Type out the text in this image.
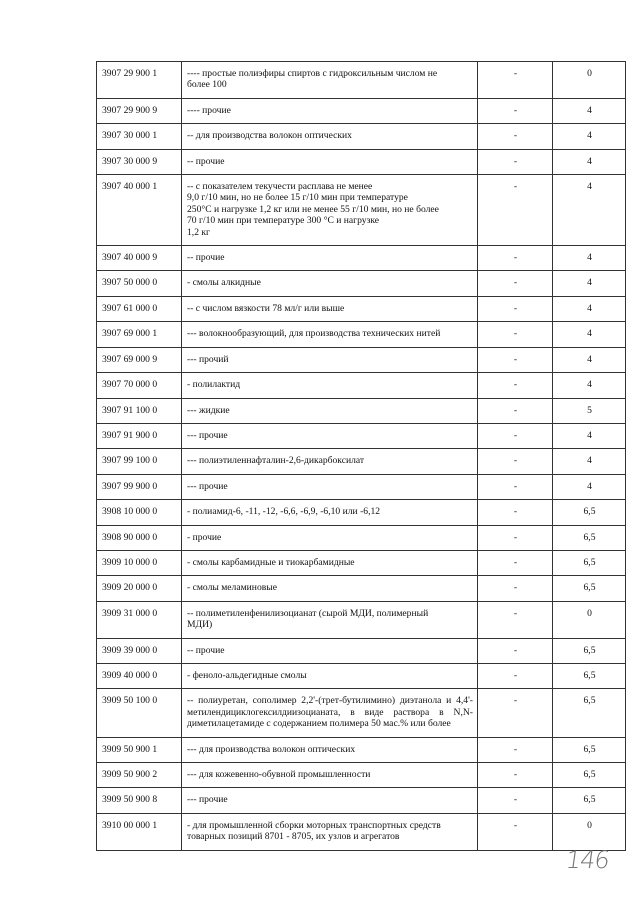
3907 29 900 1	---- простые полиэфиры спиртов с гидроксильным числом не
более 100	-	0
3907 29 900 9	---- прочие	-	4
3907 30 000 1	-- для производства волокон оптических	-	4
3907 30 000 9	-- прочие	-	4
3907 40 000 1	-- с показателем текучести расплава не менее
9,0 г/10 мин, но не более 15 г/10 мин при температуре
250°С и нагрузке 1,2 кг или не менее 55 г/10 мин, но не более
70 г/10 мин при температуре 300 °С и нагрузке
1,2 кг	-	4
3907 40 000 9	-- прочие	-	4
3907 50 000 0	- смолы алкидные	-	4
3907 61 000 0	-- с числом вязкости 78 мл/г или выше	-	4
3907 69 000 1	--- волокнообразующий, для производства технических нитей	-	4
3907 69 000 9	--- прочий	-	4
3907 70 000 0	- полилактид	-	4
3907 91 100 0	--- жидкие	-	5
3907 91 900 0	--- прочие	-	4
3907 99 100 0	--- полиэтиленнафталин-2,6-дикарбоксилат	-	4
3907 99 900 0	--- прочие	-	4
3908 10 000 0	- полиамид-6, -11, -12, -6,6, -6,9, -6,10 или -6,12	-	6,5
3908 90 000 0	- прочие	-	6,5
3909 10 000 0	- смолы карбамидные и тиокарбамидные	-	6,5
3909 20 000 0	- смолы меламиновые	-	6,5
3909 31 000 0	-- полиметиленфенилизоцианат (сырой МДИ, полимерный
МДИ)	-	0
3909 39 000 0	-- прочие	-	6,5
3909 40 000 0	- феноло-альдегидные смолы	-	6,5
3909 50 100 0	-- полиуретан, сополимер 2,2'-(трет-бутилимино) диэтанола и 4,4'-метилендициклогексилдиизоцианата, в виде раствора в N,N-диметилацетамиде с содержанием полимера 50 мас.% или более	-	6,5
3909 50 900 1	--- для производства волокон оптических	-	6,5
3909 50 900 2	--- для кожевенно-обувной промышленности	-	6,5
3909 50 900 8	--- прочие	-	6,5
3910 00 000 1	- для промышленной сборки моторных транспортных средств
товарных позиций 8701 - 8705, их узлов и агрегатов	-	0
146
